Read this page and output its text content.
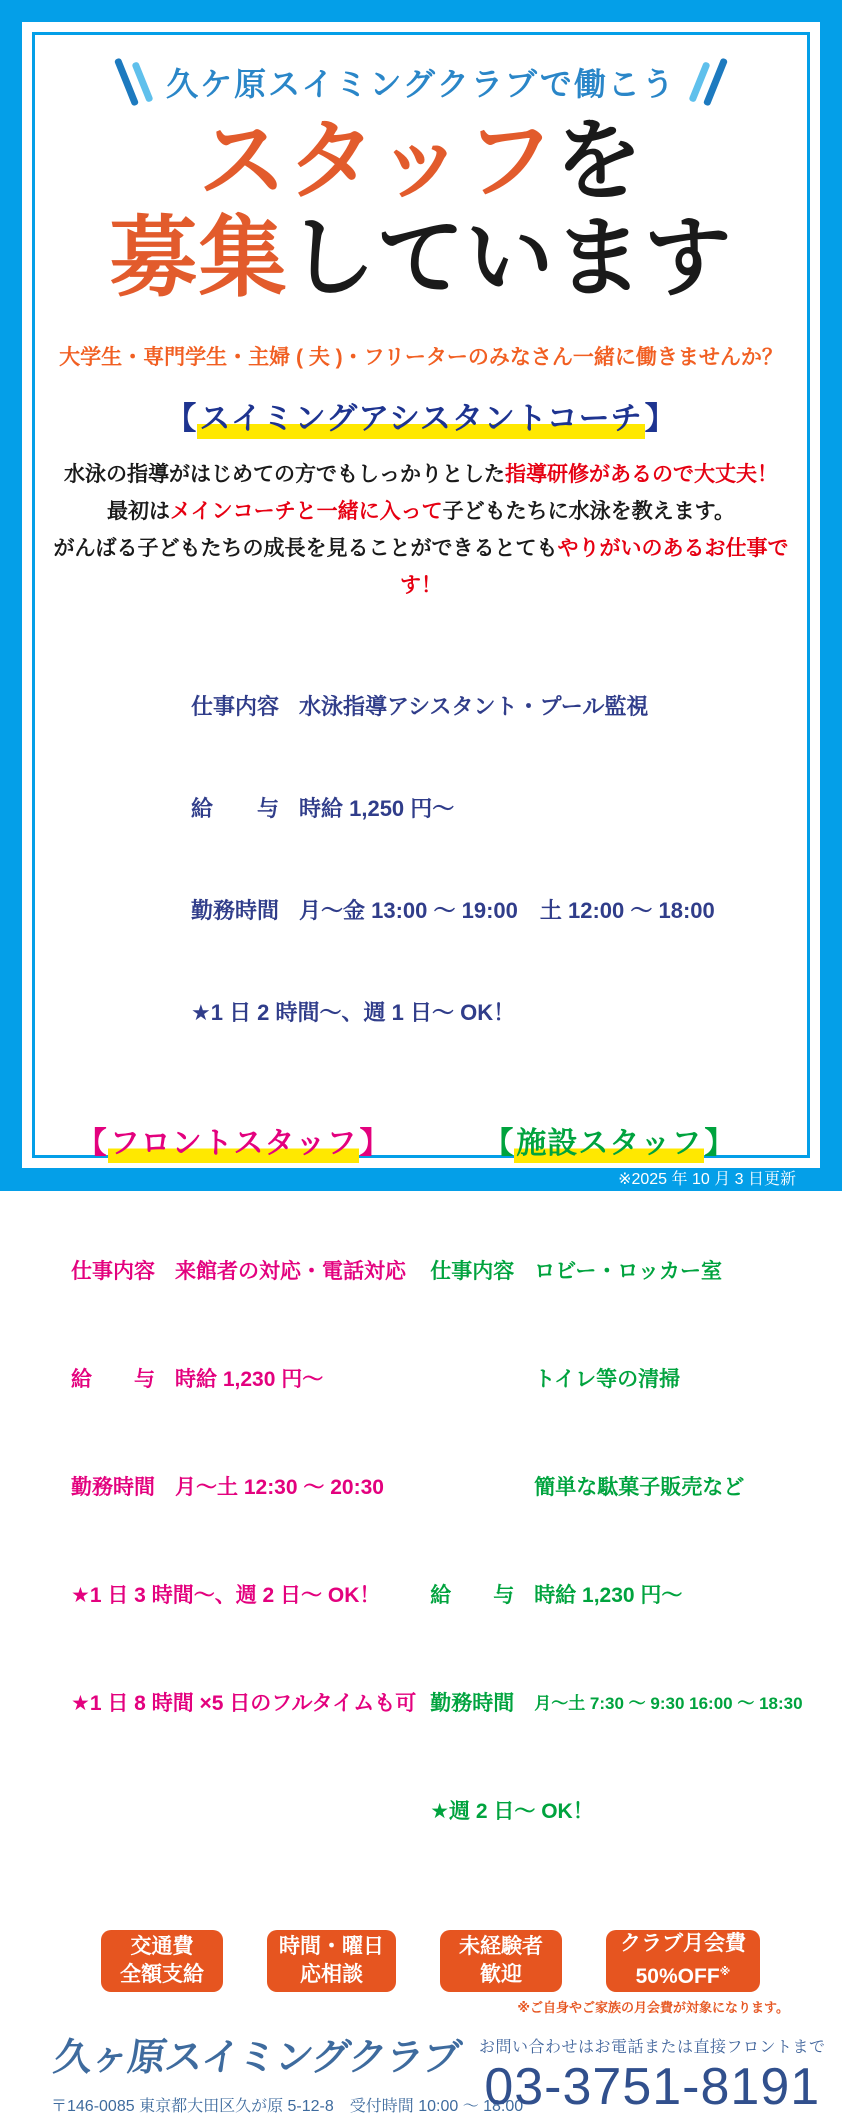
久ケ原スイミングクラブで働こう
スタッフを
募集しています
大学生・専門学生・主婦 ( 夫 )・フリーターのみなさん一緒に働きませんか？
【スイミングアシスタントコーチ】
水泳の指導がはじめての方でもしっかりとした指導研修があるので大丈夫！
最初はメインコーチと一緒に入って子どもたちに水泳を教えます。
がんばる子どもたちの成長を見ることができるとてもやりがいのあるお仕事です！

仕事内容 水泳指導アシスタント・プール監視

給　　与 時給 1,250 円〜

勤務時間 月〜金 13:00 〜 19:00　土 12:00 〜 18:00

★1 日 2 時間〜、週 1 日〜 OK！

【フロントスタッフ】

仕事内容 来館者の対応・電話対応

給　　与 時給 1,230 円〜

勤務時間 月〜土 12:30 〜 20:30

★1 日 3 時間〜、週 2 日〜 OK！

★1 日 8 時間 ×5 日のフルタイムも可

【施設スタッフ】

仕事内容 ロビー・ロッカー室

トイレ等の清掃

簡単な駄菓子販売など

給　　与 時給 1,230 円〜

勤務時間 月〜土 7:30 〜 9:30 16:00 〜 18:30

★週 2 日〜 OK！

交通費
全額支給
時間・曜日
応相談
未経験者
歓迎
クラブ月会費
50%OFF※
※ご自身やご家族の月会費が対象になります。
久ヶ原スイミングクラブ
〒146-0085 東京都大田区久が原 5-12-8　受付時間 10:00 〜 18:00
お問い合わせはお電話または直接フロントまで
03-3751-8191
※2025 年 10 月 3 日更新
